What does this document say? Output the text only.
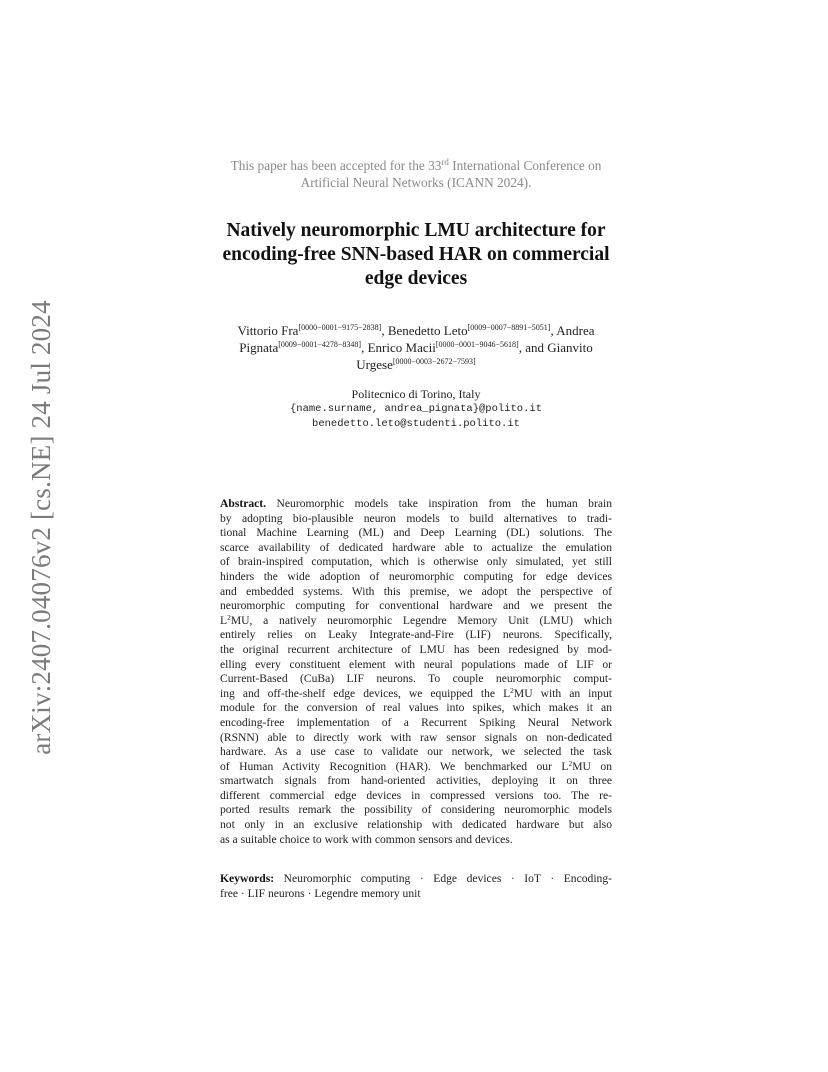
arXiv:2407.04076v2 [cs.NE] 24 Jul 2024

This paper has been accepted for the 33rd International Conference on

Artificial Neural Networks (ICANN 2024).

Natively neuromorphic LMU architecture for
encoding-free SNN-based HAR on commercial
edge devices
Vittorio Fra[0000−0001−9175−2838], Benedetto Leto[0009−0007−8891−5051], Andrea
Pignata[0009−0001−4278−8348], Enrico Macii[0000−0001−9046−5618], and Gianvito
Urgese[0000−0003−2672−7593]
Politecnico di Torino, Italy
{name.surname, andrea_pignata}@polito.it
benedetto.leto@studenti.polito.it
Abstract. Neuromorphic models take inspiration from the human brain
by adopting bio-plausible neuron models to build alternatives to tradi-
tional Machine Learning (ML) and Deep Learning (DL) solutions. The
scarce availability of dedicated hardware able to actualize the emulation
of brain-inspired computation, which is otherwise only simulated, yet still
hinders the wide adoption of neuromorphic computing for edge devices
and embedded systems. With this premise, we adopt the perspective of
neuromorphic computing for conventional hardware and we present the
$L^2MU$, a natively neuromorphic Legendre Memory Unit (LMU) which
entirely relies on Leaky Integrate-and-Fire (LIF) neurons. Specifically,
the original recurrent architecture of LMU has been redesigned by mod-
elling every constituent element with neural populations made of LIF or
Current-Based (CuBa) LIF neurons. To couple neuromorphic comput-
ing and off-the-shelf edge devices, we equipped the $L^2MU$ with an input
module for the conversion of real values into spikes, which makes it an
encoding-free implementation of a Recurrent Spiking Neural Network
(RSNN) able to directly work with raw sensor signals on non-dedicated
hardware. As a use case to validate our network, we selected the task
of Human Activity Recognition (HAR). We benchmarked our $L^2MU$ on
smartwatch signals from hand-oriented activities, deploying it on three
different commercial edge devices in compressed versions too. The re-
ported results remark the possibility of considering neuromorphic models
not only in an exclusive relationship with dedicated hardware but also
as a suitable choice to work with common sensors and devices.
Keywords: Neuromorphic computing · Edge devices · IoT · Encoding-
free · LIF neurons · Legendre memory unit
